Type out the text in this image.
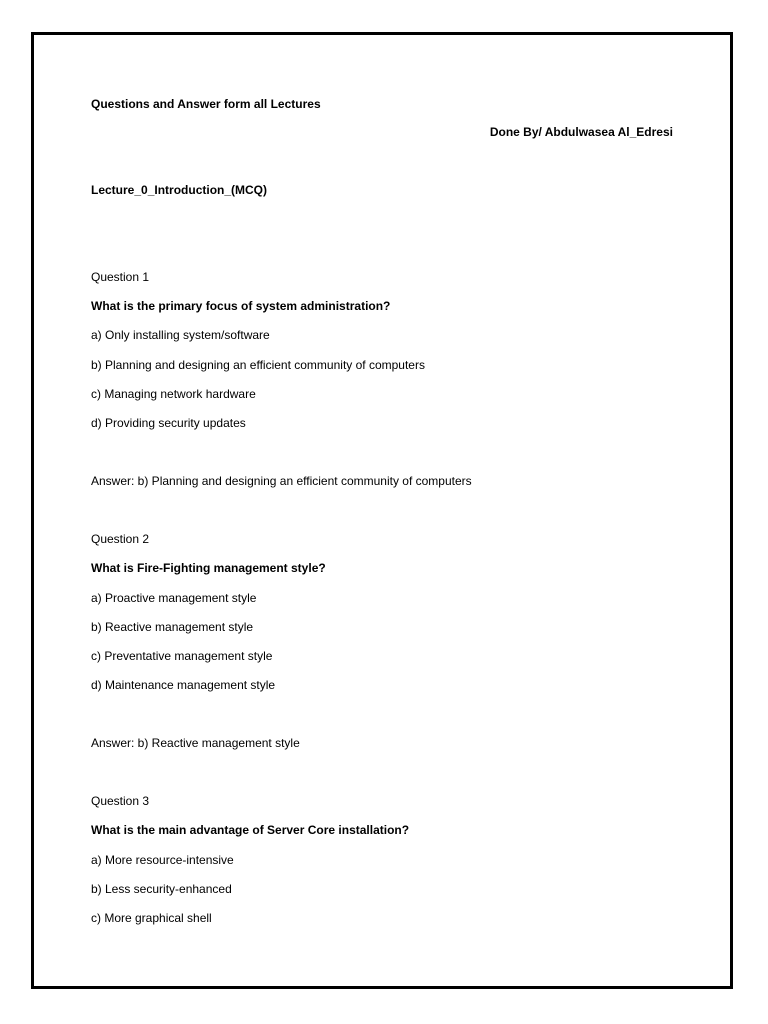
Questions and Answer form all Lectures
Done By/ Abdulwasea Al_Edresi
Lecture_0_Introduction_(MCQ)
Question 1
What is the primary focus of system administration?
a) Only installing system/software
b) Planning and designing an efficient community of computers
c) Managing network hardware
d) Providing security updates
Answer: b) Planning and designing an efficient community of computers
Question 2
What is Fire-Fighting management style?
a) Proactive management style
b) Reactive management style
c) Preventative management style
d) Maintenance management style
Answer: b) Reactive management style
Question 3
What is the main advantage of Server Core installation?
a) More resource-intensive
b) Less security-enhanced
c) More graphical shell
